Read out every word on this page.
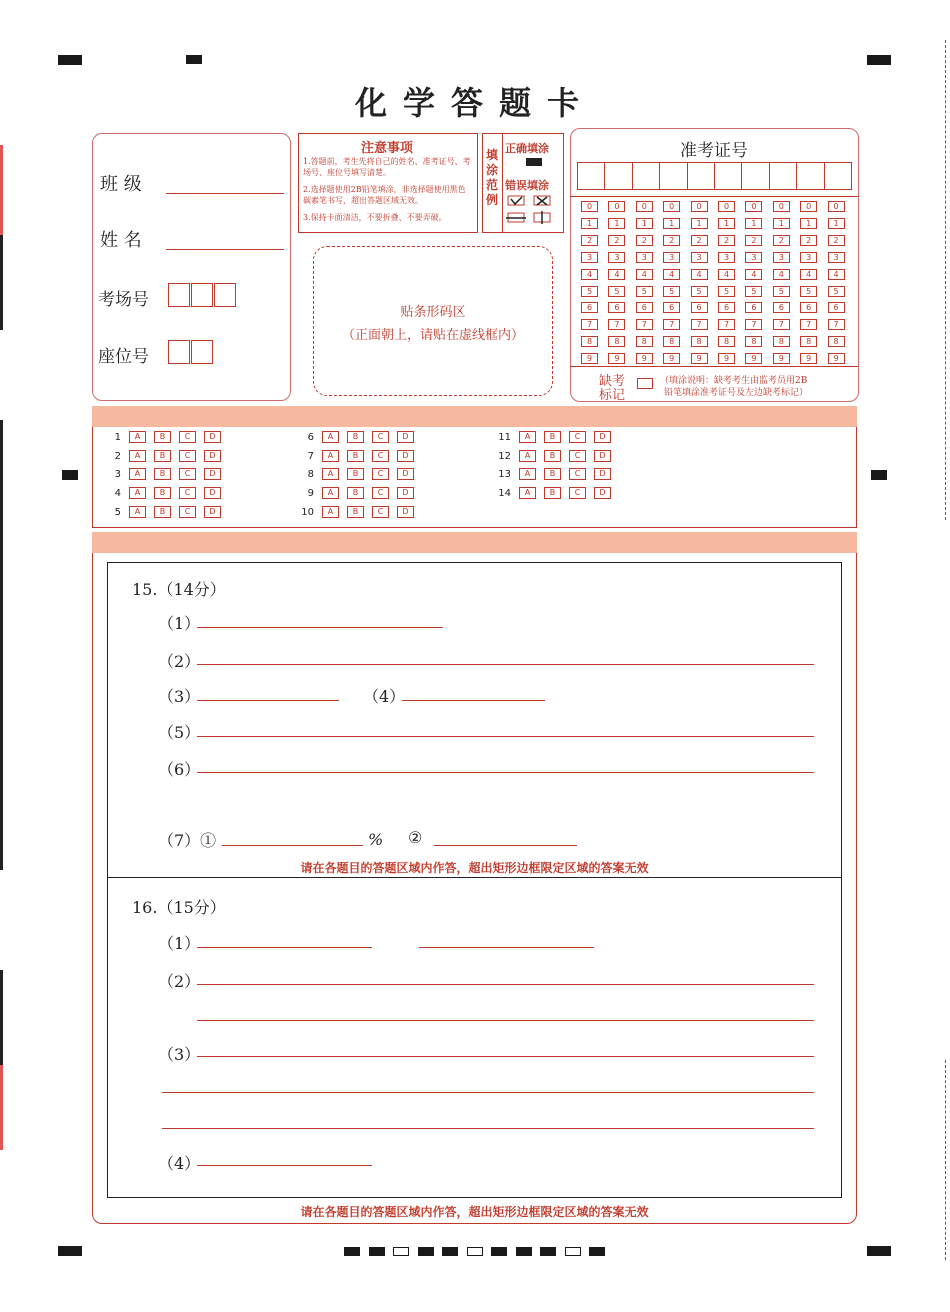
化学答题卡
班 级
姓 名
考场号
座位号
注意事项
1.答题前，考生先将自己的姓名、准考证号、考场号、座位号填写清楚。
2.选择题使用2B铅笔填涂，非选择题使用黑色碳素笔书写，超出答题区域无效。
3.保持卡面清洁，不要折叠、不要弄破。
填涂范例
正确填涂
错误填涂
贴条形码区
（正面朝上，请贴在虚线框内）
准考证号
0
1
2
3
4
5
6
7
8
9
0
1
2
3
4
5
6
7
8
9
0
1
2
3
4
5
6
7
8
9
0
1
2
3
4
5
6
7
8
9
0
1
2
3
4
5
6
7
8
9
0
1
2
3
4
5
6
7
8
9
0
1
2
3
4
5
6
7
8
9
0
1
2
3
4
5
6
7
8
9
0
1
2
3
4
5
6
7
8
9
0
1
2
3
4
5
6
7
8
9
缺考
标记
（填涂说明：缺考考生由监考员用2B
铅笔填涂准考证号及左边缺考标记）
1 A B C D
2 A B C D
3 A B C D
4 A B C D
5 A B C D
6 A B C D
7 A B C D
8 A B C D
9 A B C D
10 A B C D
11 A B C D
12 A B C D
13 A B C D
14 A B C D
15.（14分）
（1）
（2）
（3）	（4）
（5）
（6）
（7）①	% ②
请在各题目的答题区域内作答，超出矩形边框限定区域的答案无效
16.（15分）
（1）
（2）
（3）
（4）
请在各题目的答题区域内作答，超出矩形边框限定区域的答案无效
